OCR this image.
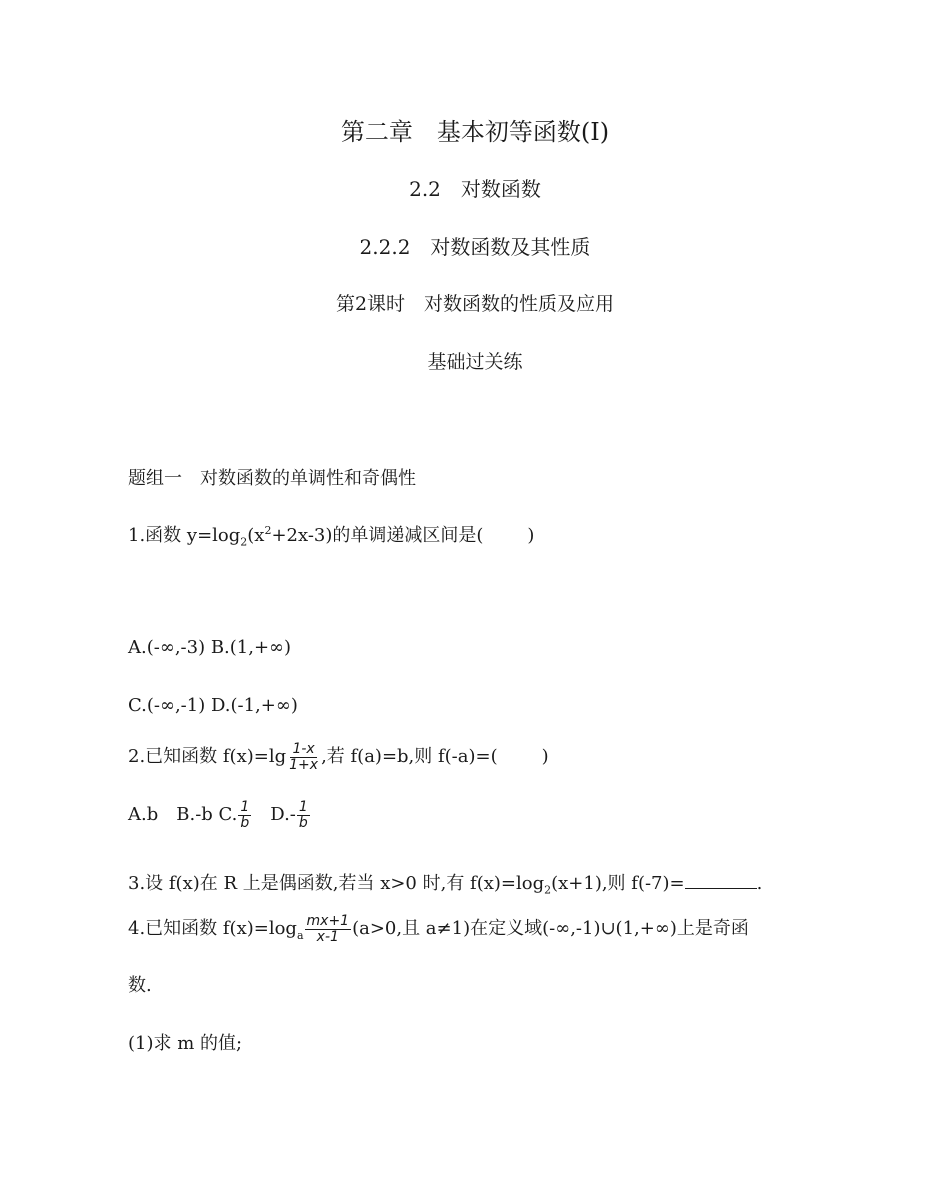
第二章　基本初等函数(Ⅰ)
2.2　对数函数
2.2.2　对数函数及其性质
第2课时　对数函数的性质及应用
基础过关练
题组一　对数函数的单调性和奇偶性
1.函数 $y=\log_2(x^2+2x-3)$的单调递减区间是( )
A.(-∞,-3) B.(1,+∞)
C.(-∞,-1) D.(-1,+∞)
2.已知函数 $f(x)=\lg \frac{1-x}{1+x}$ ,若 f(a)=b,则 f(-a)=( )
A.b　B.-b C. $\frac{1}{b}$ 　$D.- \frac{1}{b}$
3.设 f(x)在 R 上是偶函数,若当 x>0 时,有 $f(x)=\log_2(x+1)$,则 f(-7)=	.
4.已知函数 $f(x)=\log_a \frac{mx+1}{x-1} (a>0$,且 a≠1)在定义域(-∞,-1)∪(1,+∞)上是奇函
数.
(1)求 m 的值;
